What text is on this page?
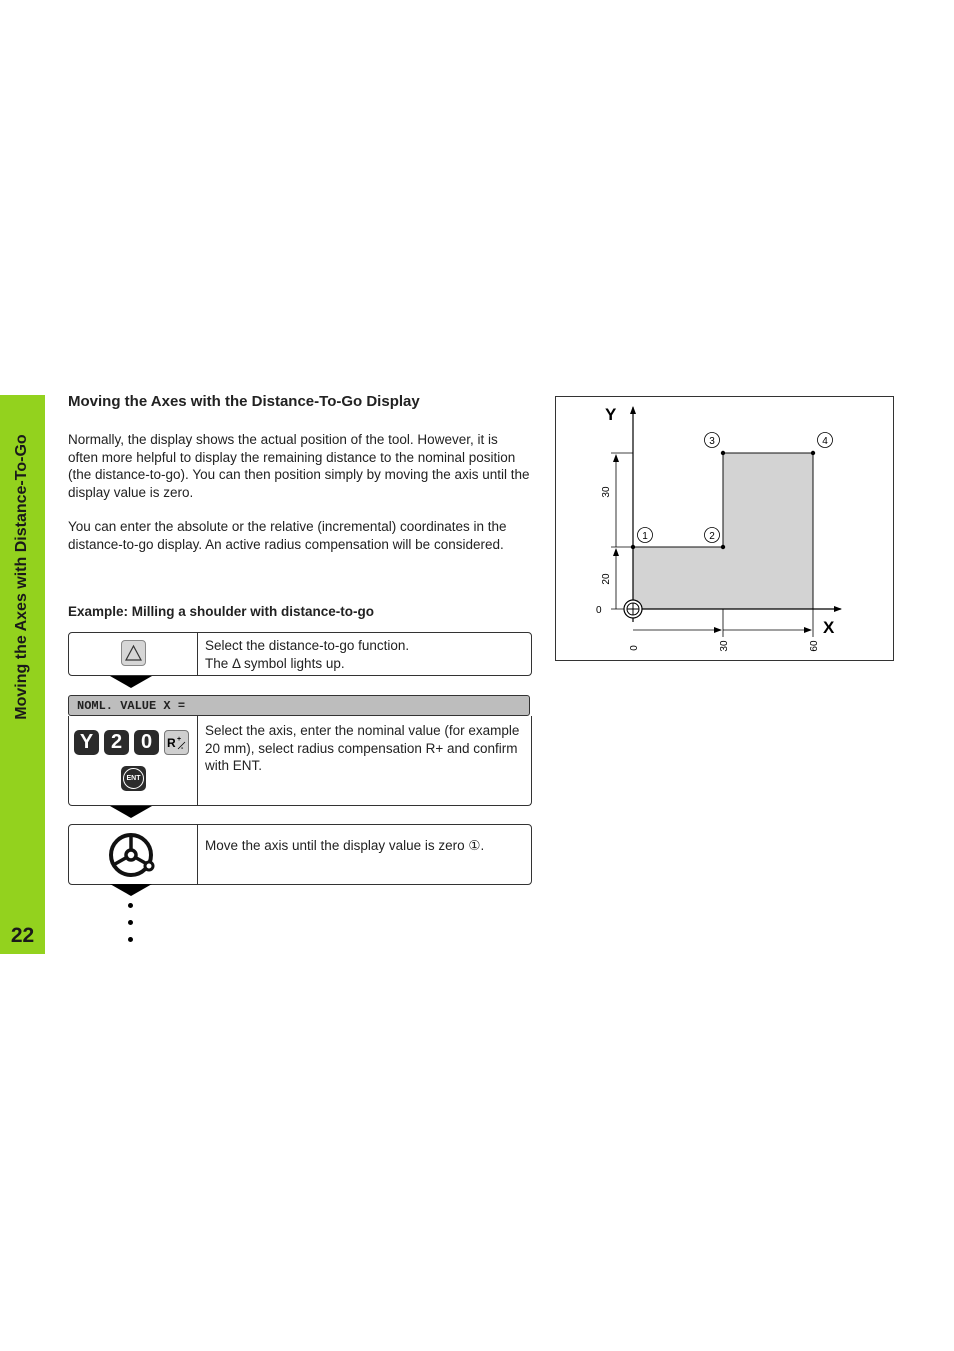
Moving the Axes with Distance-To-Go
22
Moving the Axes with the Distance-To-Go Display

Normally, the display shows the actual position of the tool. However, it is often more helpful to display the remaining distance to the nominal position (the distance-to-go). You can then position simply by moving the axis until the display value is zero.

You can enter the absolute or the relative (incremental) coordinates in the distance-to-go display. An active radius compensation will be considered.

Example: Milling a shoulder with distance-to-go
Select the distance-to-go function.
The Δ symbol lights up.
NOML. VALUE X =
Y 2 0	R +
-
ENT
Select the axis, enter the nominal value (for example 20 mm), select radius compensation R+ and confirm with ENT.
Move the axis until the display value is zero ①.
Y
X
20
30
0
0	30	60
1	2
3	4
